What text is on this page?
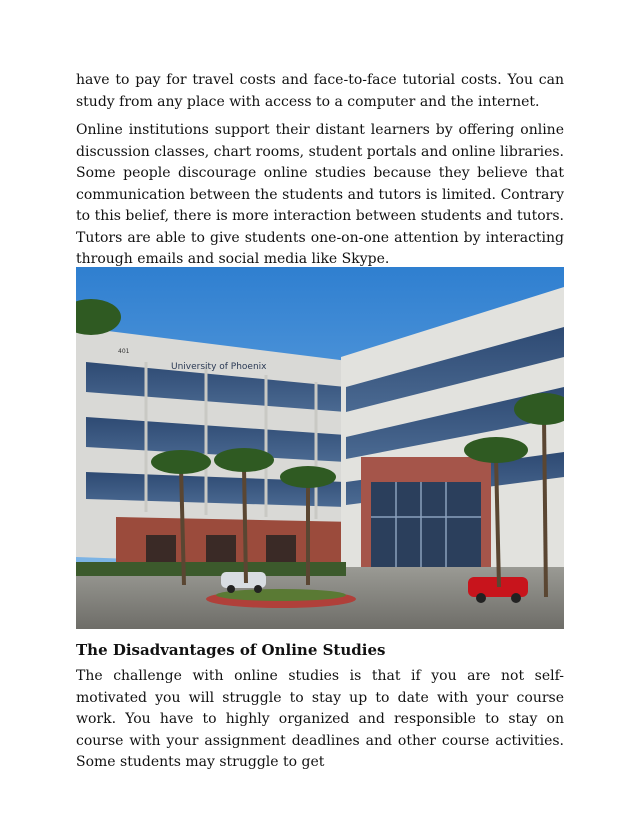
have to pay for travel costs and face-to-face tutorial costs. You can study from any place with access to a computer and the internet.

Online institutions support their distant learners by offering online discussion classes, chart rooms, student portals and online libraries. Some people discourage online studies because they believe that communication between the students and tutors is limited. Contrary to this belief, there is more interaction between students and tutors. Tutors are able to give students one-on-one attention by interacting through emails and social media like Skype.

University of Phoenix
401
The Disadvantages of Online Studies

The challenge with online studies is that if you are not self-motivated you will struggle to stay up to date with your course work. You have to highly organized and responsible to stay on course with your assignment deadlines and other course activities. Some students may struggle to get
